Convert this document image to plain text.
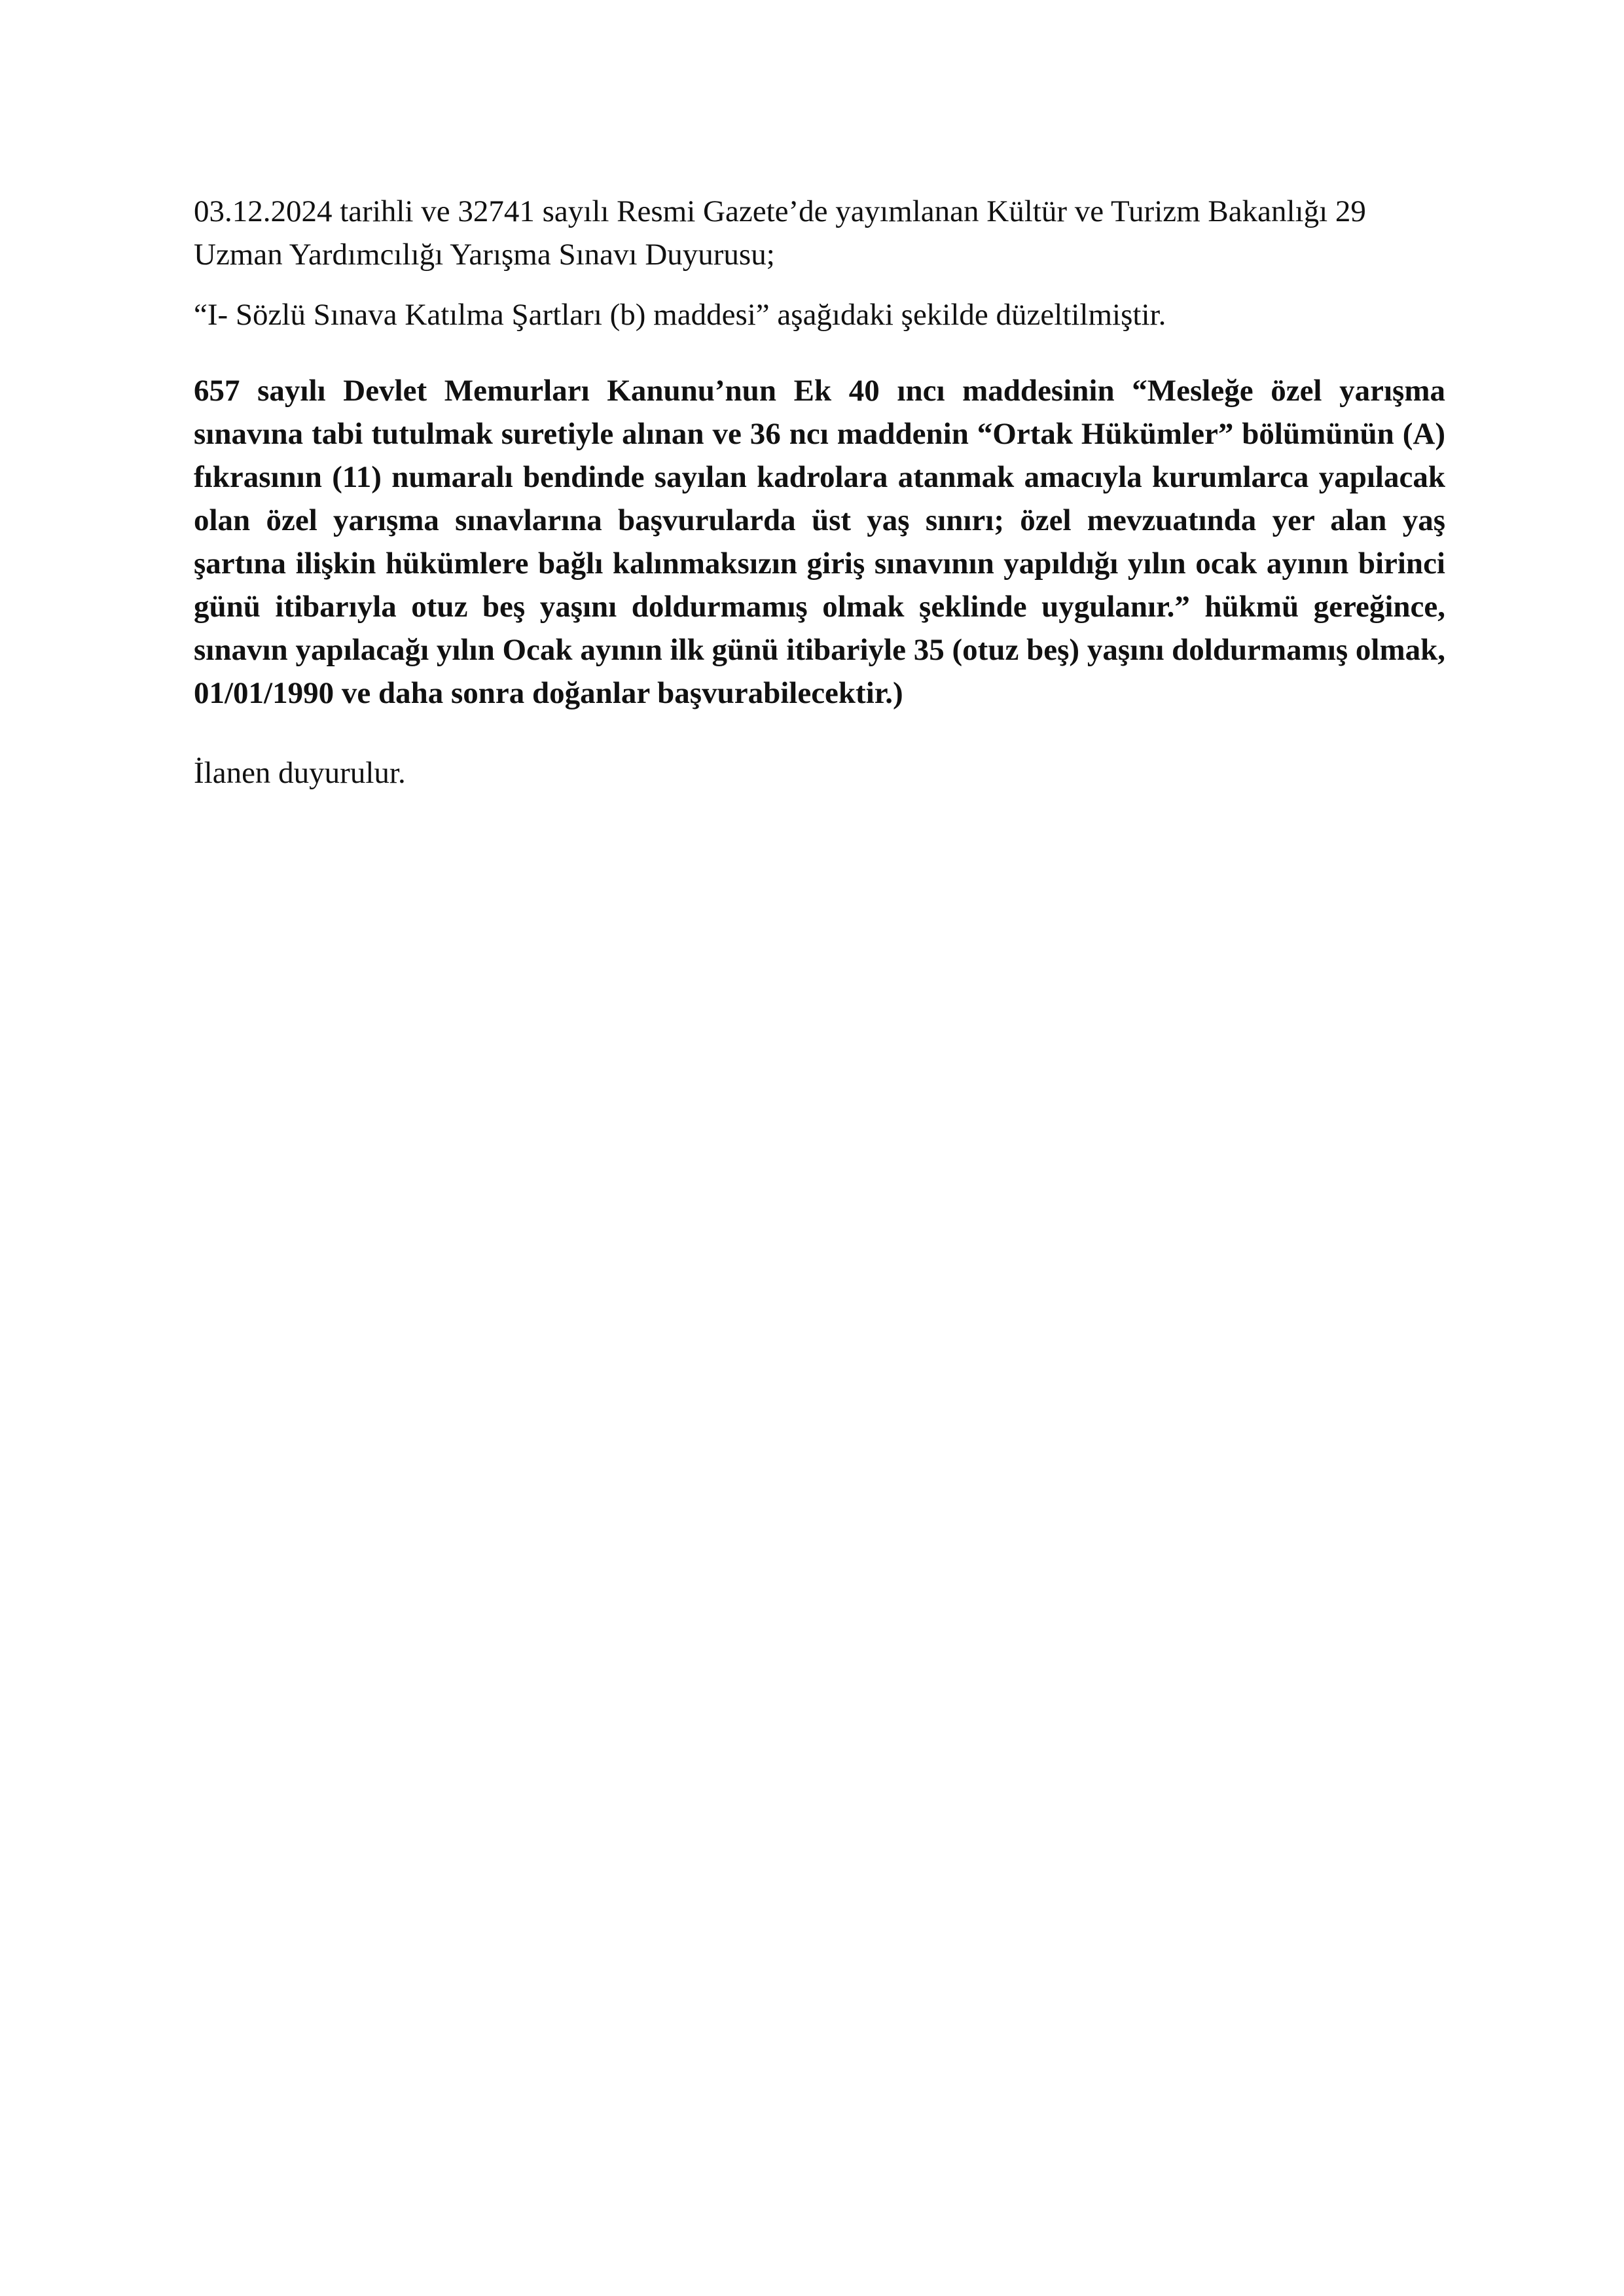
03.12.2024 tarihli ve 32741 sayılı Resmi Gazete’de yayımlanan Kültür ve Turizm Bakanlığı 29
Uzman Yardımcılığı Yarışma Sınavı Duyurusu;

“I- Sözlü Sınava Katılma Şartları (b) maddesi” aşağıdaki şekilde düzeltilmiştir.

657 sayılı Devlet Memurları Kanunu’nun Ek 40 ıncı maddesinin “Mesleğe özel yarışma sınavına tabi tutulmak suretiyle alınan ve 36 ncı maddenin “Ortak Hükümler” bölümünün (A) fıkrasının (11) numaralı bendinde sayılan kadrolara atanmak amacıyla kurumlarca yapılacak olan özel yarışma sınavlarına başvurularda üst yaş sınırı; özel mevzuatında yer alan yaş şartına ilişkin hükümlere bağlı kalınmaksızın giriş sınavının yapıldığı yılın ocak ayının birinci günü itibarıyla otuz beş yaşını doldurmamış olmak şeklinde uygulanır.” hükmü gereğince, sınavın yapılacağı yılın Ocak ayının ilk günü itibariyle 35 (otuz beş) yaşını doldurmamış olmak, 01/01/1990 ve daha sonra doğanlar başvurabilecektir.)

İlanen duyurulur.
